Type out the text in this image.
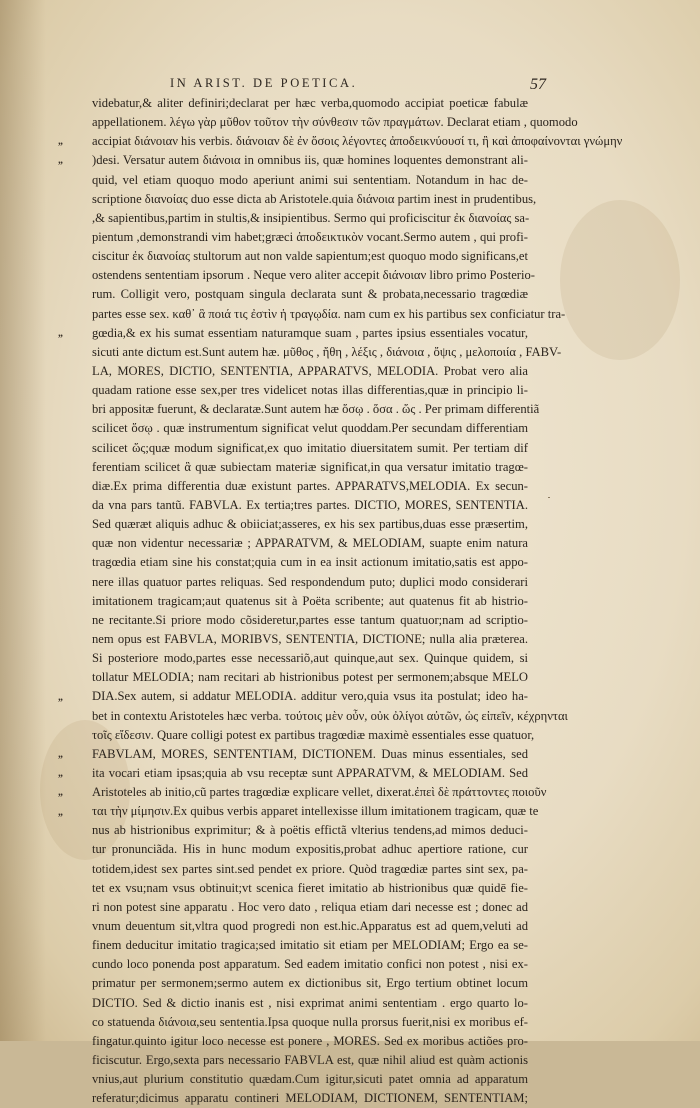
IN ARIST. DE POETICA.	57
videbatur,& aliter definiri;declarat per hæc verba,quomodo accipiat poeticæ fabulæ
appellationem. λέγω γὰρ μῦθον τοῦτον τὴν σύνθεσιν τῶν πραγμάτων. Declarat etiam , quomodo
accipiat διάνοιαν his verbis. διάνοιαν δὲ ἐν ὅσοις λέγοντες ἀποδεικνύουσί τι, ἢ καὶ ἀποφαίνονται γνώμην
)desi. Versatur autem διάνοια in omnibus iis, quæ homines loquentes demonstrant ali-
quid, vel etiam quoquo modo aperiunt animi sui sententiam. Notandum in hac de-
scriptione διανοίας duo esse dicta ab Aristotele.quia διάνοια partim inest in prudentibus,
,& sapientibus,partim in stultis,& insipientibus. Sermo qui proficiscitur ἐκ διανοίας sa-
pientum ,demonstrandi vim habet;græci ἀποδεικτικὸν vocant.Sermo autem , qui profi-
ciscitur ἐκ διανοίας stultorum aut non valde sapientum;est quoquo modo significans,et
ostendens sententiam ipsorum . Neque vero aliter accepit διάνοιαν libro primo Posterio-
rum. Colligit vero, postquam singula declarata sunt & probata,necessario tragœdiæ
partes esse sex. καθ᾽ ἃ ποιά τις ἐστὶν ἡ τραγῳδία. nam cum ex his partibus sex conficiatur tra-
gœdia,& ex his sumat essentiam naturamque suam , partes ipsius essentiales vocatur,
sicuti ante dictum est.Sunt autem hæ. μῦθος , ἤθη , λέξις , διάνοια , ὄψις , μελοποιία , FABV-
LA, MORES, DICTIO, SENTENTIA, APPARATVS, MELODIA. Probat vero alia
quadam ratione esse sex,per tres videlicet notas illas differentias,quæ in principio li-
bri appositæ fuerunt, & declaratæ.Sunt autem hæ ὅσῳ . ὅσα . ὥς . Per primam differentiã
scilicet ὅσῳ . quæ instrumentum significat velut quoddam.Per secundam differentiam
scilicet ὥς;quæ modum significat,ex quo imitatio diuersitatem sumit. Per tertiam dif
ferentiam scilicet ἃ quæ subiectam materiæ significat,in qua versatur imitatio tragœ-
diæ.Ex prima differentia duæ existunt partes. APPARATVS,MELODIA. Ex secun-
da vna pars tantũ. FABVLA. Ex tertia;tres partes. DICTIO, MORES, SENTENTIA.
Sed quæræt aliquis adhuc & obiiciat;asseres, ex his sex partibus,duas esse præsertim,
quæ non videntur necessariæ ; APPARATVM, & MELODIAM, suapte enim natura
tragœdia etiam sine his constat;quia cum in ea insit actionum imitatio,satis est appo-
nere illas quatuor partes reliquas. Sed respondendum puto; duplici modo considerari
imitationem tragicam;aut quatenus sit à Poëta scribente; aut quatenus fit ab histrio-
ne recitante.Si priore modo cõsideretur,partes esse tantum quatuor;nam ad scriptio-
nem opus est FABVLA, MORIBVS, SENTENTIA, DICTIONE; nulla alia præterea.
Si posteriore modo,partes esse necessariõ,aut quinque,aut sex. Quinque quidem, si
tollatur MELODIA; nam recitari ab histrionibus potest per sermonem;absque MELO
DIA.Sex autem, si addatur MELODIA. additur vero,quia vsus ita postulat; ideo ha-
bet in contextu Aristoteles hæc verba. τούτοις μὲν οὖν, οὐκ ὀλίγοι αὐτῶν, ὡς εἰπεῖν, κέχρηνται
τοῖς εἴδεσιν. Quare colligi potest ex partibus tragœdiæ maximè essentiales esse quatuor,
FABVLAM, MORES, SENTENTIAM, DICTIONEM. Duas minus essentiales, sed
ita vocari etiam ipsas;quia ab vsu receptæ sunt APPARATVM, & MELODIAM. Sed
Aristoteles ab initio,cũ partes tragœdiæ explicare vellet, dixerat.ἐπεὶ δὲ πράττοντες ποιοῦν
ται τὴν μίμησιν.Ex quibus verbis apparet intellexisse illum imitationem tragicam, quæ te
nus ab histrionibus exprimitur; & à poëtis effictã vlterius tendens,ad mimos deduci-
tur pronunciãda. His in hunc modum expositis,probat adhuc apertiore ratione, cur
totidem,idest sex partes sint.sed pendet ex priore. Quòd tragœdiæ partes sint sex, pa-
tet ex vsu;nam vsus obtinuit;vt scenica fieret imitatio ab histrionibus quæ quidē fie-
ri non potest sine apparatu . Hoc vero dato , reliqua etiam dari necesse est ; donec ad
vnum deuentum sit,vltra quod progredi non est.hic.Apparatus est ad quem,veluti ad
finem deducitur imitatio tragica;sed imitatio sit etiam per MELODIAM; Ergo ea se-
cundo loco ponenda post apparatum. Sed eadem imitatio confici non potest , nisi ex-
primatur per sermonem;sermo autem ex dictionibus sit, Ergo tertium obtinet locum
DICTIO. Sed & dictio inanis est , nisi exprimat animi sententiam . ergo quarto lo-
co statuenda διάνοια,seu sententia.Ipsa quoque nulla prorsus fuerit,nisi ex moribus ef-
fingatur.quinto igitur loco necesse est ponere , MORES. Sed ex moribus actiões pro-
ficiscutur. Ergo,sexta pars necessario FABVLA est, quæ nihil aliud est quàm actionis
vnius,aut plurium constitutio quædam.Cum igitur,sicuti patet omnia ad apparatum
referatur;dicimus apparatu contineri MELODIAM, DICTIONEM, SENTENTIAM;
„
„
„
„
„
„
„
„
